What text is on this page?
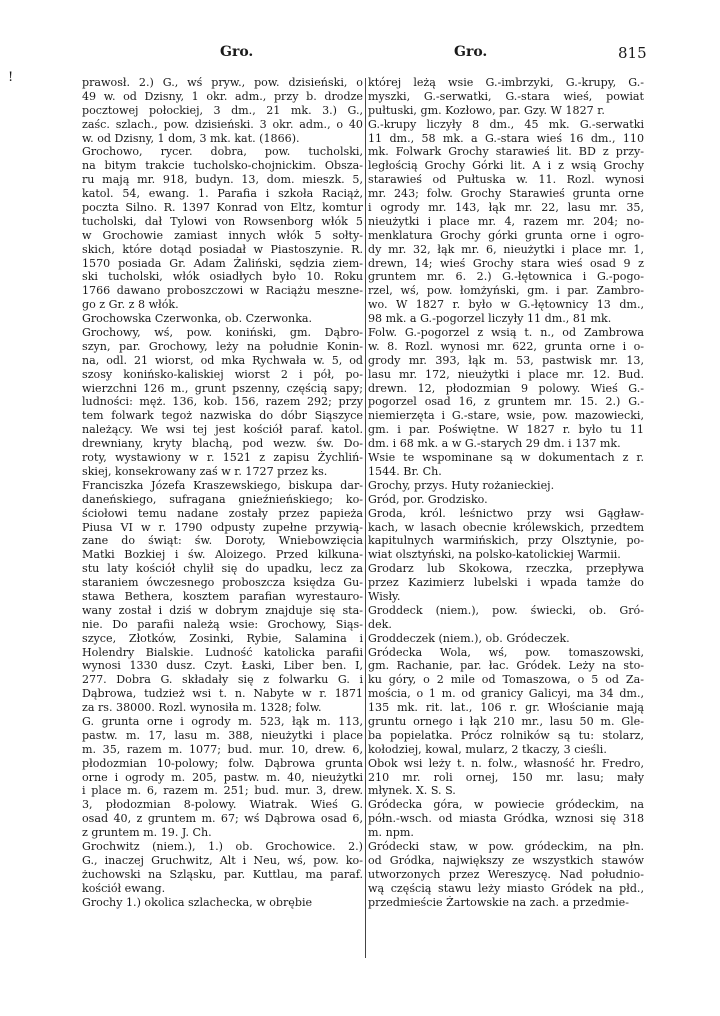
Gro.	Gro.	815
!	prawosł. 2.) G., wś pryw., pow. dzisieński, o
49 w. od Dzisny, 1 okr. adm., przy b. drodze
pocztowej połockiej, 3 dm., 21 mk. 3.) G.,
zaśc. szlach., pow. dzisieński. 3 okr. adm., o 40
w. od Dzisny, 1 dom, 3 mk. kat. (1866).
Grochowo, rycer. dobra, pow. tucholski,
na bitym trakcie tucholsko-chojnickim. Obsza-
ru mają mr. 918, budyn. 13, dom. mieszk. 5,
katol. 54, ewang. 1. Parafia i szkoła Raciąż,
poczta Silno. R. 1397 Konrad von Eltz, komtur
tucholski, dał Tylowi von Rowsenborg włók 5
w Grochowie zamiast innych włók 5 sołty-
skich, które dotąd posiadał w Piastoszynie. R.
1570 posiada Gr. Adam Żaliński, sędzia ziem-
ski tucholski, włók osiadłych było 10. Roku
1766 dawano proboszczowi w Raciążu meszne-
go z Gr. z 8 włók.
Grochowska Czerwonka, ob. Czerwonka.
Grochowy, wś, pow. koniński, gm. Dąbro-
szyn, par. Grochowy, leży na południe Konin-
na, odl. 21 wiorst, od mka Rychwała w. 5, od
szosy konińsko-kaliskiej wiorst 2 i pół, po-
wierzchni 126 m., grunt pszenny, częścią sapy;
ludności: męż. 136, kob. 156, razem 292; przy
tem folwark tegoż nazwiska do dóbr Siąszyce
należący. We wsi tej jest kościół paraf. katol.
drewniany, kryty blachą, pod wezw. św. Do-
roty, wystawiony w r. 1521 z zapisu Żychliń-
skiej, konsekrowany zaś w r. 1727 przez ks.
Franciszka Józefa Kraszewskiego, biskupa dar-
daneńskiego, sufragana gnieźnieńskiego; ko-
ściołowi temu nadane zostały przez papieża
Piusa VI w r. 1790 odpusty zupełne przywią-
zane do świąt: św. Doroty, Wniebowzięcia
Matki Bozkiej i św. Aloizego. Przed kilkuna-
stu laty kościół chylił się do upadku, lecz za
staraniem ówczesnego proboszcza księdza Gu-
stawa Bethera, kosztem parafian wyrestauro-
wany został i dziś w dobrym znajduje się sta-
nie. Do parafii należą wsie: Grochowy, Siąs-
szyce, Złotków, Zosinki, Rybie, Salamina i
Holendry Bialskie. Ludność katolicka parafii
wynosi 1330 dusz. Czyt. Łaski, Liber ben. I,
277. Dobra G. składały się z folwarku G. i
Dąbrowa, tudzież wsi t. n. Nabyte w r. 1871
za rs. 38000. Rozl. wynosiła m. 1328; folw.
G. grunta orne i ogrody m. 523, łąk m. 113,
pastw. m. 17, lasu m. 388, nieużytki i place
m. 35, razem m. 1077; bud. mur. 10, drew. 6,
płodozmian 10-polowy; folw. Dąbrowa grunta
orne i ogrody m. 205, pastw. m. 40, nieużytki
i place m. 6, razem m. 251; bud. mur. 3, drew.
3, płodozmian 8-polowy. Wiatrak. Wieś G.
osad 40, z gruntem m. 67; wś Dąbrowa osad 6,
z gruntem m. 19. J. Ch.
Grochwitz (niem.), 1.) ob. Grochowice. 2.)
G., inaczej Gruchwitz, Alt i Neu, wś, pow. ko-
żuchowski na Szląsku, par. Kuttlau, ma paraf.
kościół ewang.
Grochy 1.) okolica szlachecka, w obrębie
której leżą wsie G.-imbrzyki, G.-krupy, G.-
myszki, G.-serwatki, G.-stara wieś, powiat
pułtuski, gm. Kozłowo, par. Gzy. W 1827 r.
G.-krupy liczyły 8 dm., 45 mk. G.-serwatki
11 dm., 58 mk. a G.-stara wieś 16 dm., 110
mk. Folwark Grochy starawieś lit. BD z przy-
ległością Grochy Górki lit. A i z wsią Grochy
starawieś od Pułtuska w. 11. Rozl. wynosi
mr. 243; folw. Grochy Starawieś grunta orne
i ogrody mr. 143, łąk mr. 22, lasu mr. 35,
nieużytki i place mr. 4, razem mr. 204; no-
menklatura Grochy górki grunta orne i ogro-
dy mr. 32, łąk mr. 6, nieużytki i place mr. 1,
drewn, 14; wieś Grochy stara wieś osad 9 z
gruntem mr. 6. 2.) G.-łętownica i G.-pogo-
rzel, wś, pow. łomżyński, gm. i par. Zambro-
wo. W 1827 r. było w G.-łętownicy 13 dm.,
98 mk. a G.-pogorzel liczyły 11 dm., 81 mk.
Folw. G.-pogorzel z wsią t. n., od Zambrowa
w. 8. Rozl. wynosi mr. 622, grunta orne i o-
grody mr. 393, łąk m. 53, pastwisk mr. 13,
lasu mr. 172, nieużytki i place mr. 12. Bud.
drewn. 12, płodozmian 9 polowy. Wieś G.-
pogorzel osad 16, z gruntem mr. 15. 2.) G.-
niemierzęta i G.-stare, wsie, pow. mazowiecki,
gm. i par. Poświętne. W 1827 r. było tu 11
dm. i 68 mk. a w G.-starych 29 dm. i 137 mk.
Wsie te wspominane są w dokumentach z r.
1544. Br. Ch.
Grochy, przys. Huty rożanieckiej.
Gród, por. Grodzisko.
Groda, król. leśnictwo przy wsi Gągław-
kach, w lasach obecnie królewskich, przedtem
kapitulnych warmińskich, przy Olsztynie, po-
wiat olsztyński, na polsko-katolickiej Warmii.
Grodarz lub Skokowa, rzeczka, przepływa
przez Kazimierz lubelski i wpada tamże do
Wisły.
Groddeck (niem.), pow. świecki, ob. Gró-
dek.
Groddeczek (niem.), ob. Gródeczek.
Gródecka Wola, wś, pow. tomaszowski,
gm. Rachanie, par. łac. Gródek. Leży na sto-
ku góry, o 2 mile od Tomaszowa, o 5 od Za-
mościa, o 1 m. od granicy Galicyi, ma 34 dm.,
135 mk. rit. lat., 106 r. gr. Włościanie mają
gruntu ornego i łąk 210 mr., lasu 50 m. Gle-
ba popielatka. Prócz rolników są tu: stolarz,
kołodziej, kowal, mularz, 2 tkaczy, 3 cieśli.
Obok wsi leży t. n. folw., własność hr. Fredro,
210 mr. roli ornej, 150 mr. lasu; mały
młynek. X. S. S.
Gródecka góra, w powiecie gródeckim, na
półn.-wsch. od miasta Gródka, wznosi się 318
m. npm.
Gródecki staw, w pow. gródeckim, na płn.
od Gródka, największy ze wszystkich stawów
utworzonych przez Wereszycę. Nad południo-
wą częścią stawu leży miasto Gródek na płd.,
przedmieście Żartowskie na zach. a przedmie-
